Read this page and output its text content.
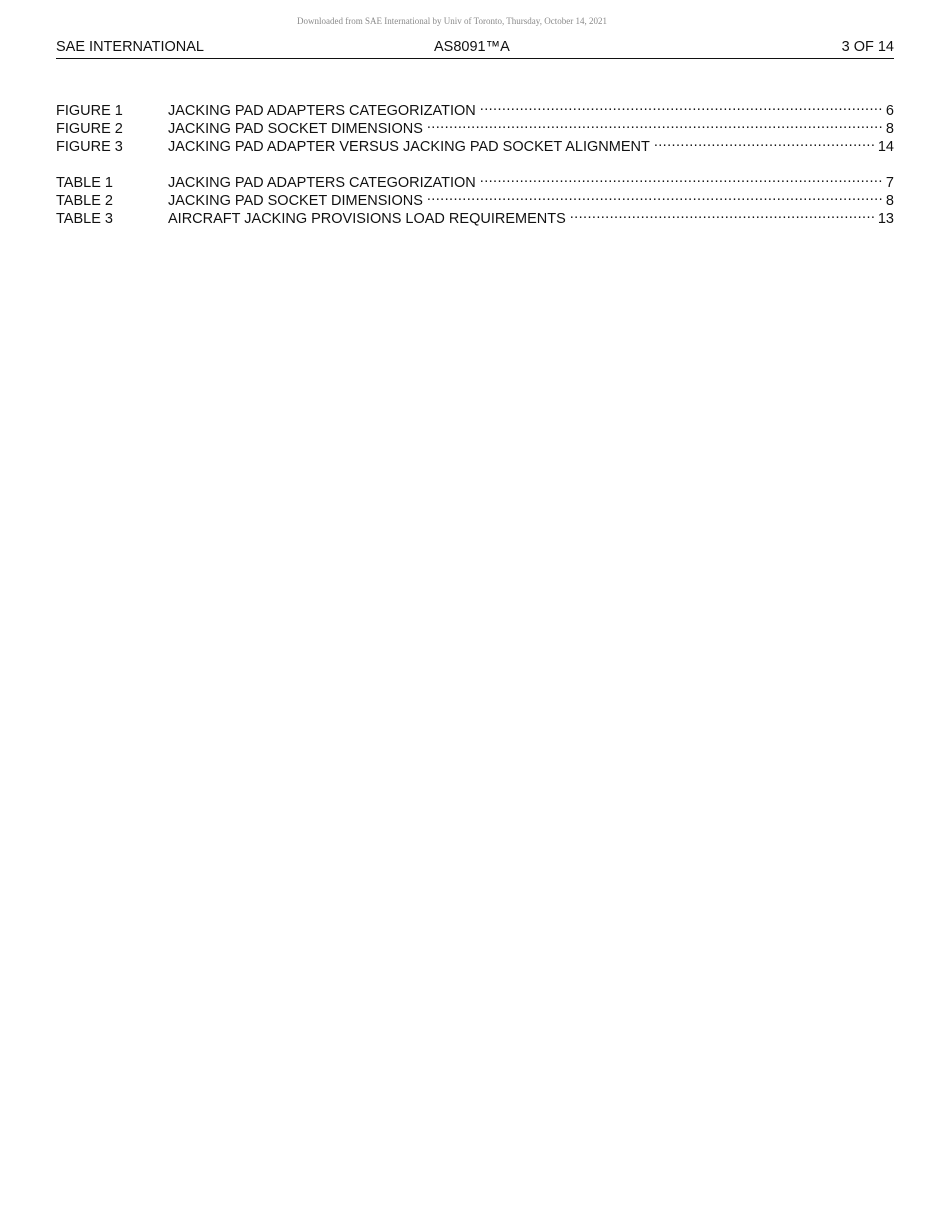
Downloaded from SAE International by Univ of Toronto, Thursday, October 14, 2021
SAE INTERNATIONAL	AS8091™A	3 OF 14
FIGURE 1	JACKING PAD ADAPTERS CATEGORIZATION .....	6
FIGURE 2	JACKING PAD SOCKET DIMENSIONS .....	8
FIGURE 3	JACKING PAD ADAPTER VERSUS JACKING PAD SOCKET ALIGNMENT .....	14
TABLE 1	JACKING PAD ADAPTERS CATEGORIZATION .....	7
TABLE 2	JACKING PAD SOCKET DIMENSIONS .....	8
TABLE 3	AIRCRAFT JACKING PROVISIONS LOAD REQUIREMENTS .....	13
